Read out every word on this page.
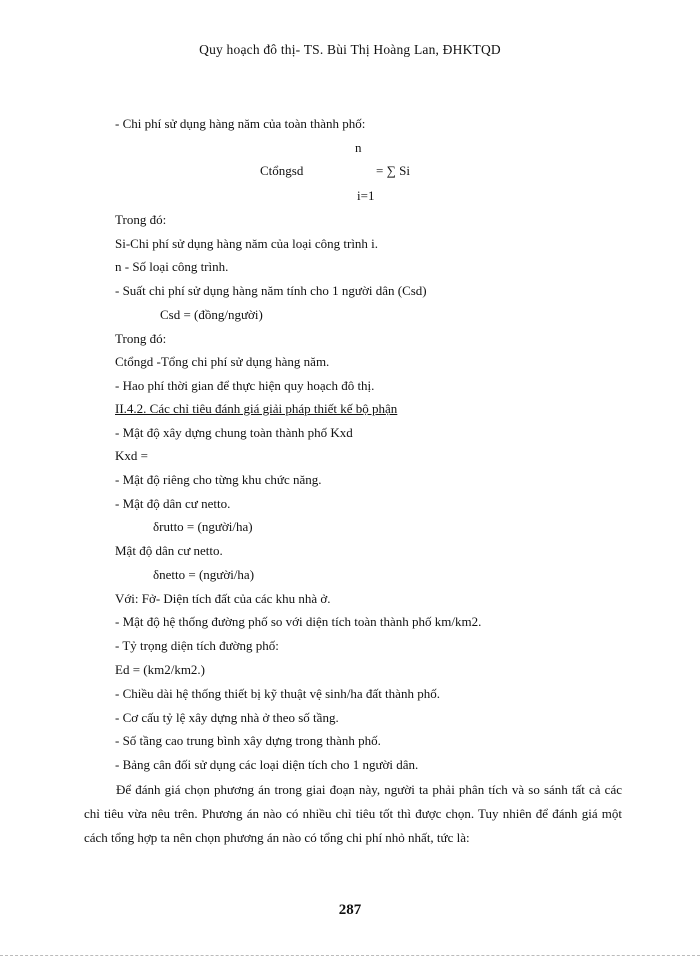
Quy hoạch đô thị- TS. Bùi Thị Hoàng Lan, ĐHKTQD
- Chi phí sử dụng hàng năm của toàn thành phố:
n
Ctổngsd	= ∑ Si
i=1
Trong đó:
Si-Chi phí sử dụng hàng năm của loại công trình i.
n - Số loại công trình.
- Suất chi phí sử dụng hàng năm tính cho 1 người dân (Csd)
Csd = (đồng/người)
Trong đó:
Ctổngd -Tổng chi phí sử dụng hàng năm.
- Hao phí thời gian để thực hiện quy hoạch đô thị.
II.4.2. Các chỉ tiêu đánh giá giải pháp thiết kế bộ phận
- Mật độ xây dựng chung toàn thành phố Kxd
Kxd =
- Mật độ riêng cho từng khu chức năng.
- Mật độ dân cư netto.
δrutto = (người/ha)
Mật độ dân cư netto.
δnetto = (người/ha)
Với: Fở- Diện tích đất của các khu nhà ở.
- Mật độ hệ thống đường phố so với diện tích toàn thành phố km/km2.
- Tỷ trọng diện tích đường phố:
Ed = (km2/km2.)
- Chiều dài hệ thống thiết bị kỹ thuật vệ sinh/ha đất thành phố.
- Cơ cấu tỷ lệ xây dựng nhà ở theo số tầng.
- Số tầng cao trung bình xây dựng trong thành phố.
- Bảng cân đối sử dụng các loại diện tích cho 1 người dân.
Để đánh giá chọn phương án trong giai đoạn này, người ta phải phân tích và so sánh tất cả các chỉ tiêu vừa nêu trên. Phương án nào có nhiều chỉ tiêu tốt thì được chọn. Tuy nhiên để đánh giá một cách tổng hợp ta nên chọn phương án nào có tổng chi phí nhỏ nhất, tức là:
287
